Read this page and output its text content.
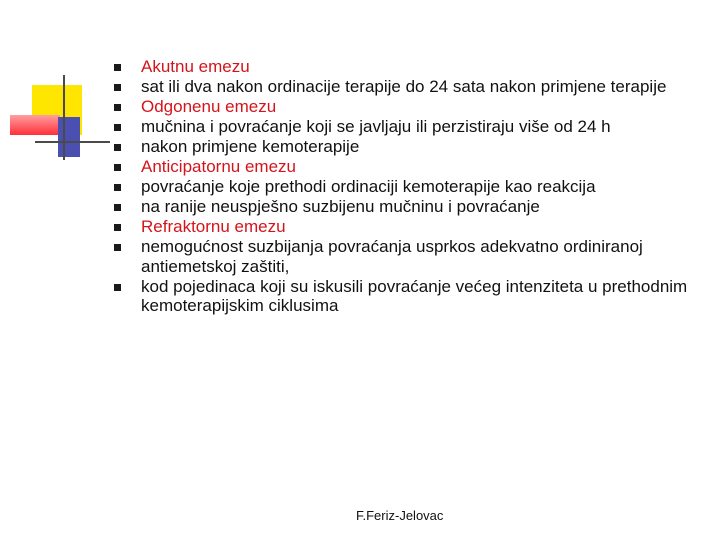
Akutnu emezu
sat ili dva nakon ordinacije terapije do 24 sata nakon primjene terapije
Odgonenu emezu
mučnina i povraćanje koji se javljaju ili perzistiraju više od 24 h
nakon primjene kemoterapije
Anticipatornu emezu
povraćanje koje prethodi ordinaciji kemoterapije kao reakcija
na ranije neuspješno suzbijenu mučninu i povraćanje
Refraktornu emezu
nemogućnost suzbijanja povraćanja usprkos adekvatno ordiniranoj antiemetskoj zaštiti,
kod pojedinaca koji su iskusili povraćanje većeg intenziteta u prethodnim kemoterapijskim ciklusima
F.Feriz-Jelovac
